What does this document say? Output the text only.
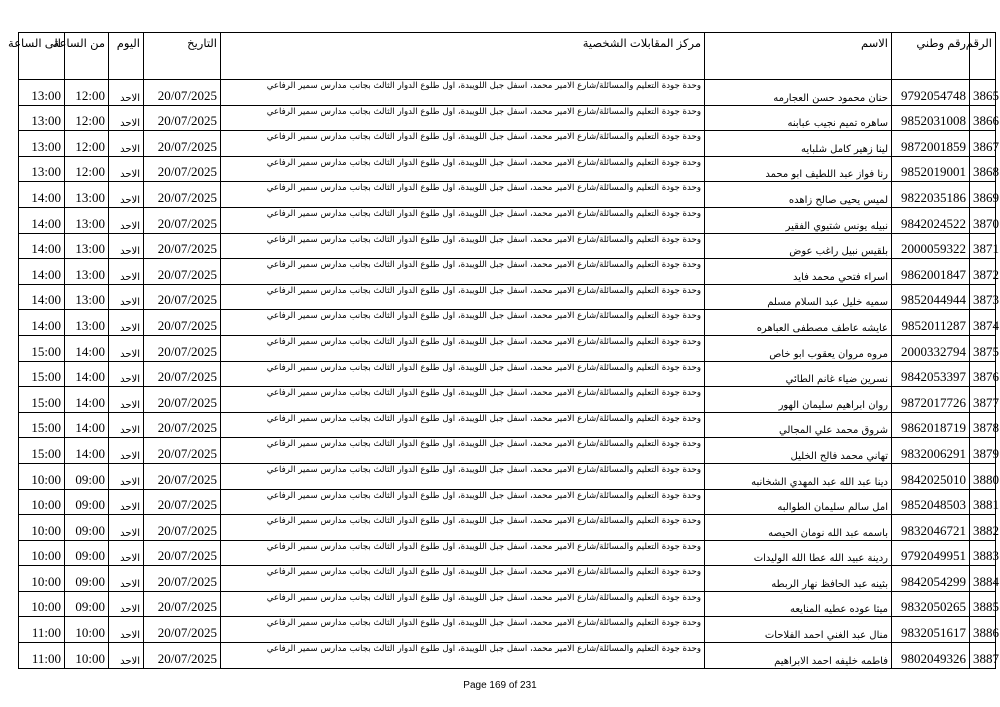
الرقم	رقم وطني	الاسم	مركز المقابلات الشخصية	التاريخ	اليوم	من الساعة	الى الساعة
3865	9792054748	حنان محمود حسن العجارمه	وحدة جودة التعليم والمسائلة/شارع الامير محمد، اسفل جبل اللويبدة، اول طلوع الدوار الثالث بجانب مدارس سمير الرفاعي	20/07/2025	الاحد	12:00	13:00
3866	9852031008	ساهره تميم نجيب عبابنه	وحدة جودة التعليم والمسائلة/شارع الامير محمد، اسفل جبل اللويبدة، اول طلوع الدوار الثالث بجانب مدارس سمير الرفاعي	20/07/2025	الاحد	12:00	13:00
3867	9872001859	لينا زهير كامل شلبايه	وحدة جودة التعليم والمسائلة/شارع الامير محمد، اسفل جبل اللويبدة، اول طلوع الدوار الثالث بجانب مدارس سمير الرفاعي	20/07/2025	الاحد	12:00	13:00
3868	9852019001	رنا فواز عبد اللطيف ابو محمد	وحدة جودة التعليم والمسائلة/شارع الامير محمد، اسفل جبل اللويبدة، اول طلوع الدوار الثالث بجانب مدارس سمير الرفاعي	20/07/2025	الاحد	12:00	13:00
3869	9822035186	لميس يحيى صالح زاهده	وحدة جودة التعليم والمسائلة/شارع الامير محمد، اسفل جبل اللويبدة، اول طلوع الدوار الثالث بجانب مدارس سمير الرفاعي	20/07/2025	الاحد	13:00	14:00
3870	9842024522	نبيله يونس شتيوي الفقير	وحدة جودة التعليم والمسائلة/شارع الامير محمد، اسفل جبل اللويبدة، اول طلوع الدوار الثالث بجانب مدارس سمير الرفاعي	20/07/2025	الاحد	13:00	14:00
3871	2000059322	بلقيس نبيل راغب عوض	وحدة جودة التعليم والمسائلة/شارع الامير محمد، اسفل جبل اللويبدة، اول طلوع الدوار الثالث بجانب مدارس سمير الرفاعي	20/07/2025	الاحد	13:00	14:00
3872	9862001847	اسراء فتحي محمد فايد	وحدة جودة التعليم والمسائلة/شارع الامير محمد، اسفل جبل اللويبدة، اول طلوع الدوار الثالث بجانب مدارس سمير الرفاعي	20/07/2025	الاحد	13:00	14:00
3873	9852044944	سميه خليل عبد السلام مسلم	وحدة جودة التعليم والمسائلة/شارع الامير محمد، اسفل جبل اللويبدة، اول طلوع الدوار الثالث بجانب مدارس سمير الرفاعي	20/07/2025	الاحد	13:00	14:00
3874	9852011287	عايشه عاطف مصطفى العباهره	وحدة جودة التعليم والمسائلة/شارع الامير محمد، اسفل جبل اللويبدة، اول طلوع الدوار الثالث بجانب مدارس سمير الرفاعي	20/07/2025	الاحد	13:00	14:00
3875	2000332794	مروه مروان يعقوب ابو خاص	وحدة جودة التعليم والمسائلة/شارع الامير محمد، اسفل جبل اللويبدة، اول طلوع الدوار الثالث بجانب مدارس سمير الرفاعي	20/07/2025	الاحد	14:00	15:00
3876	9842053397	نسرين ضياء غانم الطائي	وحدة جودة التعليم والمسائلة/شارع الامير محمد، اسفل جبل اللويبدة، اول طلوع الدوار الثالث بجانب مدارس سمير الرفاعي	20/07/2025	الاحد	14:00	15:00
3877	9872017726	روان ابراهيم سليمان الهور	وحدة جودة التعليم والمسائلة/شارع الامير محمد، اسفل جبل اللويبدة، اول طلوع الدوار الثالث بجانب مدارس سمير الرفاعي	20/07/2025	الاحد	14:00	15:00
3878	9862018719	شروق محمد علي المجالي	وحدة جودة التعليم والمسائلة/شارع الامير محمد، اسفل جبل اللويبدة، اول طلوع الدوار الثالث بجانب مدارس سمير الرفاعي	20/07/2025	الاحد	14:00	15:00
3879	9832006291	تهاني محمد فالح الخليل	وحدة جودة التعليم والمسائلة/شارع الامير محمد، اسفل جبل اللويبدة، اول طلوع الدوار الثالث بجانب مدارس سمير الرفاعي	20/07/2025	الاحد	14:00	15:00
3880	9842025010	دينا عبد الله عبد المهدي الشخانبه	وحدة جودة التعليم والمسائلة/شارع الامير محمد، اسفل جبل اللويبدة، اول طلوع الدوار الثالث بجانب مدارس سمير الرفاعي	20/07/2025	الاحد	09:00	10:00
3881	9852048503	امل سالم سليمان الطوالبه	وحدة جودة التعليم والمسائلة/شارع الامير محمد، اسفل جبل اللويبدة، اول طلوع الدوار الثالث بجانب مدارس سمير الرفاعي	20/07/2025	الاحد	09:00	10:00
3882	9832046721	باسمه عبد الله نومان الحيصه	وحدة جودة التعليم والمسائلة/شارع الامير محمد، اسفل جبل اللويبدة، اول طلوع الدوار الثالث بجانب مدارس سمير الرفاعي	20/07/2025	الاحد	09:00	10:00
3883	9792049951	ردينة عبيد الله عطا الله الوليدات	وحدة جودة التعليم والمسائلة/شارع الامير محمد، اسفل جبل اللويبدة، اول طلوع الدوار الثالث بجانب مدارس سمير الرفاعي	20/07/2025	الاحد	09:00	10:00
3884	9842054299	بثينه عبد الحافظ نهار الربطه	وحدة جودة التعليم والمسائلة/شارع الامير محمد، اسفل جبل اللويبدة، اول طلوع الدوار الثالث بجانب مدارس سمير الرفاعي	20/07/2025	الاحد	09:00	10:00
3885	9832050265	ميثا عوده عطيه المنايعه	وحدة جودة التعليم والمسائلة/شارع الامير محمد، اسفل جبل اللويبدة، اول طلوع الدوار الثالث بجانب مدارس سمير الرفاعي	20/07/2025	الاحد	09:00	10:00
3886	9832051617	منال عبد الغني احمد الفلاحات	وحدة جودة التعليم والمسائلة/شارع الامير محمد، اسفل جبل اللويبدة، اول طلوع الدوار الثالث بجانب مدارس سمير الرفاعي	20/07/2025	الاحد	10:00	11:00
3887	9802049326	فاطمه خليفه احمد الابراهيم	وحدة جودة التعليم والمسائلة/شارع الامير محمد، اسفل جبل اللويبدة، اول طلوع الدوار الثالث بجانب مدارس سمير الرفاعي	20/07/2025	الاحد	10:00	11:00
Page 169 of 231
